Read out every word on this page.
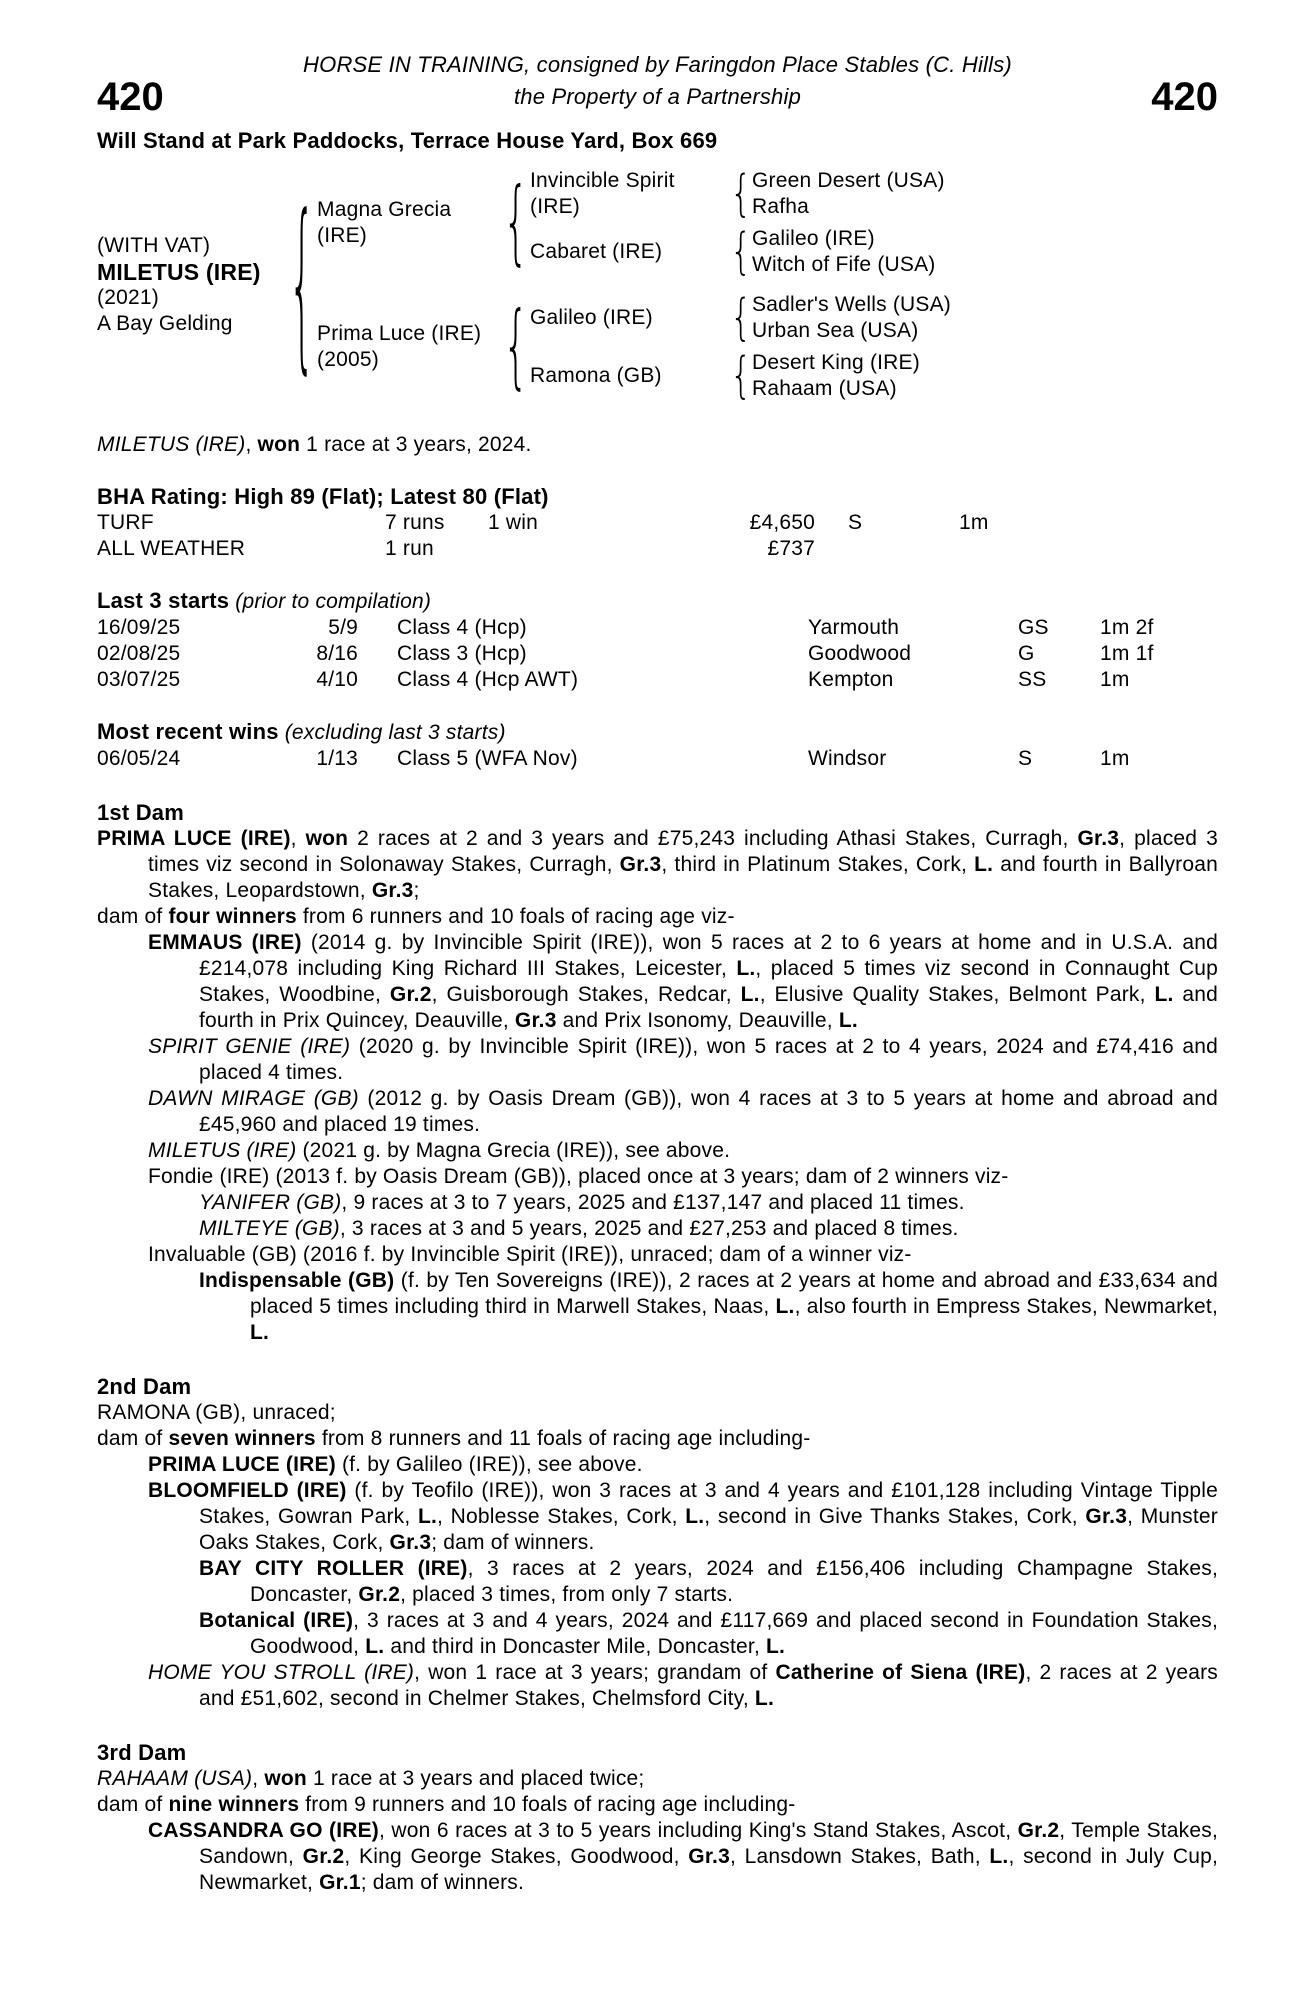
HORSE IN TRAINING, consigned by Faringdon Place Stables (C. Hills)
420	the Property of a Partnership	420
Will Stand at Park Paddocks, Terrace House Yard, Box 669
(WITH VAT)
MILETUS (IRE)
(2021)
A Bay Gelding	{ Magna Grecia (IRE)	{ Invincible Spirit (IRE)	{ Green Desert (USA)
Rafha
Cabaret (IRE)	{ Galileo (IRE)
Witch of Fife (USA)
Prima Luce (IRE)
(2005)	{ Galileo (IRE)	{ Sadler's Wells (USA)
Urban Sea (USA)
Ramona (GB)	{ Desert King (IRE)
Rahaam (USA)
MILETUS (IRE), won 1 race at 3 years, 2024.
BHA Rating: High 89 (Flat); Latest 80 (Flat)
TURF	7 runs	1 win	£4,650	S	1m
ALL WEATHER	1 run	£737
Last 3 starts (prior to compilation)
16/09/25	5/9	Class 4 (Hcp)	Yarmouth	GS	1m 2f
02/08/25	8/16	Class 3 (Hcp)	Goodwood	G	1m 1f
03/07/25	4/10	Class 4 (Hcp AWT)	Kempton	SS	1m
Most recent wins (excluding last 3 starts)
06/05/24	1/13	Class 5 (WFA Nov)	Windsor	S	1m
1st Dam
PRIMA LUCE (IRE), won 2 races at 2 and 3 years and £75,243 including Athasi Stakes, Curragh, Gr.3, placed 3 times viz second in Solonaway Stakes, Curragh, Gr.3, third in Platinum Stakes, Cork, L. and fourth in Ballyroan Stakes, Leopardstown, Gr.3;
dam of four winners from 6 runners and 10 foals of racing age viz-
EMMAUS (IRE) (2014 g. by Invincible Spirit (IRE)), won 5 races at 2 to 6 years at home and in U.S.A. and £214,078 including King Richard III Stakes, Leicester, L., placed 5 times viz second in Connaught Cup Stakes, Woodbine, Gr.2, Guisborough Stakes, Redcar, L., Elusive Quality Stakes, Belmont Park, L. and fourth in Prix Quincey, Deauville, Gr.3 and Prix Isonomy, Deauville, L.
SPIRIT GENIE (IRE) (2020 g. by Invincible Spirit (IRE)), won 5 races at 2 to 4 years, 2024 and £74,416 and placed 4 times.
DAWN MIRAGE (GB) (2012 g. by Oasis Dream (GB)), won 4 races at 3 to 5 years at home and abroad and £45,960 and placed 19 times.
MILETUS (IRE) (2021 g. by Magna Grecia (IRE)), see above.
Fondie (IRE) (2013 f. by Oasis Dream (GB)), placed once at 3 years; dam of 2 winners viz-
YANIFER (GB), 9 races at 3 to 7 years, 2025 and £137,147 and placed 11 times.
MILTEYE (GB), 3 races at 3 and 5 years, 2025 and £27,253 and placed 8 times.
Invaluable (GB) (2016 f. by Invincible Spirit (IRE)), unraced; dam of a winner viz-
Indispensable (GB) (f. by Ten Sovereigns (IRE)), 2 races at 2 years at home and abroad and £33,634 and placed 5 times including third in Marwell Stakes, Naas, L., also fourth in Empress Stakes, Newmarket, L.
2nd Dam
RAMONA (GB), unraced;
dam of seven winners from 8 runners and 11 foals of racing age including-
PRIMA LUCE (IRE) (f. by Galileo (IRE)), see above.
BLOOMFIELD (IRE) (f. by Teofilo (IRE)), won 3 races at 3 and 4 years and £101,128 including Vintage Tipple Stakes, Gowran Park, L., Noblesse Stakes, Cork, L., second in Give Thanks Stakes, Cork, Gr.3, Munster Oaks Stakes, Cork, Gr.3; dam of winners.
BAY CITY ROLLER (IRE), 3 races at 2 years, 2024 and £156,406 including Champagne Stakes, Doncaster, Gr.2, placed 3 times, from only 7 starts.
Botanical (IRE), 3 races at 3 and 4 years, 2024 and £117,669 and placed second in Foundation Stakes, Goodwood, L. and third in Doncaster Mile, Doncaster, L.
HOME YOU STROLL (IRE), won 1 race at 3 years; grandam of Catherine of Siena (IRE), 2 races at 2 years and £51,602, second in Chelmer Stakes, Chelmsford City, L.
3rd Dam
RAHAAM (USA), won 1 race at 3 years and placed twice;
dam of nine winners from 9 runners and 10 foals of racing age including-
CASSANDRA GO (IRE), won 6 races at 3 to 5 years including King's Stand Stakes, Ascot, Gr.2, Temple Stakes, Sandown, Gr.2, King George Stakes, Goodwood, Gr.3, Lansdown Stakes, Bath, L., second in July Cup, Newmarket, Gr.1; dam of winners.
